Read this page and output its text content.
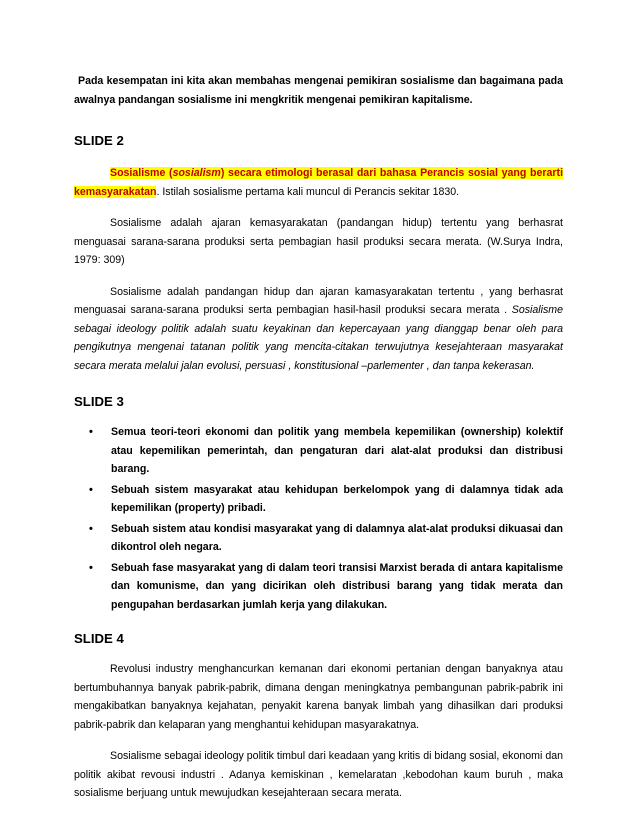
Pada kesempatan ini kita akan membahas mengenai pemikiran sosialisme dan bagaimana pada awalnya pandangan sosialisme ini mengkritik mengenai pemikiran kapitalisme.

SLIDE 2

Sosialisme (sosialism) secara etimologi berasal dari bahasa Perancis sosial yang berarti kemasyarakatan. Istilah sosialisme pertama kali muncul di Perancis sekitar 1830.

Sosialisme adalah ajaran kemasyarakatan (pandangan hidup) tertentu yang berhasrat menguasai sarana-sarana produksi serta pembagian hasil produksi secara merata. (W.Surya Indra, 1979: 309)

Sosialisme adalah pandangan hidup dan ajaran kamasyarakatan tertentu , yang berhasrat menguasai sarana-sarana produksi serta pembagian hasil-hasil produksi secara merata . Sosialisme sebagai ideology politik adalah suatu keyakinan dan kepercayaan yang dianggap benar oleh para pengikutnya mengenai tatanan politik yang mencita-citakan terwujutnya kesejahteraan masyarakat secara merata melalui jalan evolusi, persuasi , konstitusional –parlementer , dan tanpa kekerasan.

SLIDE 3
• Semua teori-teori ekonomi dan politik yang membela kepemilikan (ownership) kolektif atau kepemilikan pemerintah, dan pengaturan dari alat-alat produksi dan distribusi barang.
• Sebuah sistem masyarakat atau kehidupan berkelompok yang di dalamnya tidak ada kepemilikan (property) pribadi.
• Sebuah sistem atau kondisi masyarakat yang di dalamnya alat-alat produksi dikuasai dan dikontrol oleh negara.
• Sebuah fase masyarakat yang di dalam teori transisi Marxist berada di antara kapitalisme dan komunisme, dan yang dicirikan oleh distribusi barang yang tidak merata dan pengupahan berdasarkan jumlah kerja yang dilakukan.
SLIDE 4

Revolusi industry menghancurkan kemanan dari ekonomi pertanian dengan banyaknya atau bertumbuhannya banyak pabrik-pabrik, dimana dengan meningkatnya pembangunan pabrik-pabrik ini mengakibatkan banyaknya kejahatan, penyakit karena banyak limbah yang dihasilkan dari produksi pabrik-pabrik dan kelaparan yang menghantui kehidupan masyarakatnya.

Sosialisme sebagai ideology politik timbul dari keadaan yang kritis di bidang sosial, ekonomi dan politik akibat revousi industri . Adanya kemiskinan , kemelaratan ,kebodohan kaum buruh , maka sosialisme berjuang untuk mewujudkan kesejahteraan secara merata.
